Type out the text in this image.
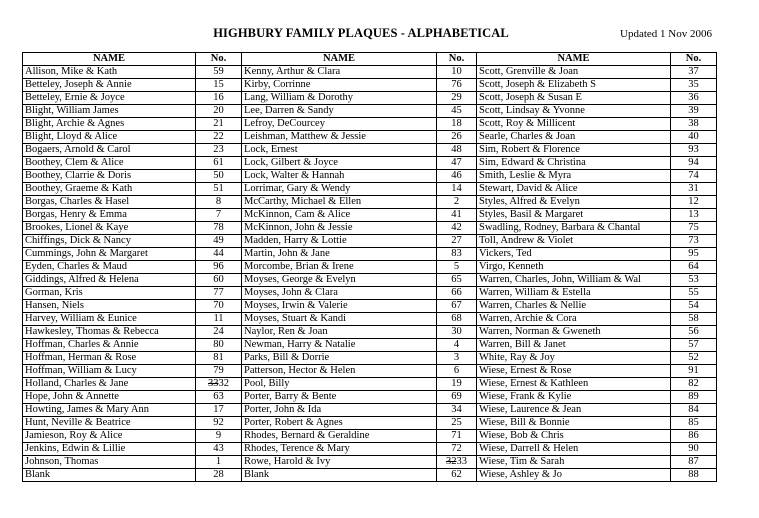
HIGHBURY FAMILY PLAQUES - ALPHABETICAL	Updated 1 Nov 2006
NAME	No.	NAME	No.	NAME	No.
Allison, Mike & Kath	59	Kenny, Arthur & Clara	10	Scott, Grenville & Joan	37
Betteley, Joseph & Annie	15	Kirby, Corrinne	76	Scott, Joseph & Elizabeth S	35
Betteley, Ernie & Joyce	16	Lang, William & Dorothy	29	Scott, Joseph & Susan E	36
Blight, William James	20	Lee, Darren & Sandy	45	Scott, Lindsay & Yvonne	39
Blight, Archie & Agnes	21	Lefroy, DeCourcey	18	Scott, Roy & Millicent	38
Blight, Lloyd & Alice	22	Leishman, Matthew & Jessie	26	Searle, Charles & Joan	40
Bogaers, Arnold & Carol	23	Lock, Ernest	48	Sim, Robert & Florence	93
Boothey, Clem & Alice	61	Lock, Gilbert & Joyce	47	Sim, Edward & Christina	94
Boothey, Clarrie & Doris	50	Lock, Walter & Hannah	46	Smith, Leslie & Myra	74
Boothey, Graeme & Kath	51	Lorrimar, Gary & Wendy	14	Stewart, David & Alice	31
Borgas, Charles & Hasel	8	McCarthy, Michael & Ellen	2	Styles, Alfred & Evelyn	12
Borgas, Henry & Emma	7	McKinnon, Cam & Alice	41	Styles, Basil & Margaret	13
Brookes, Lionel & Kaye	78	McKinnon, John & Jessie	42	Swadling, Rodney, Barbara & Chantal	75
Chiffings, Dick & Nancy	49	Madden, Harry & Lottie	27	Toll, Andrew & Violet	73
Cummings, John & Margaret	44	Martin, John & Jane	83	Vickers, Ted	95
Eyden, Charles & Maud	96	Morcombe, Brian & Irene	5	Virgo, Kenneth	64
Giddings, Alfred & Helena	60	Moyses, George & Evelyn	65	Warren, Charles, John, William & Wal	53
Gorman, Kris	77	Moyses, John & Clara	66	Warren, William & Estella	55
Hansen, Niels	70	Moyses, Irwin & Valerie	67	Warren, Charles & Nellie	54
Harvey, William & Eunice	11	Moyses, Stuart & Kandi	68	Warren, Archie & Cora	58
Hawkesley, Thomas & Rebecca	24	Naylor, Ren & Joan	30	Warren, Norman & Gweneth	56
Hoffman, Charles & Annie	80	Newman, Harry & Natalie	4	Warren, Bill & Janet	57
Hoffman, Herman & Rose	81	Parks, Bill & Dorrie	3	White, Ray & Joy	52
Hoffman, William & Lucy	79	Patterson, Hector & Helen	6	Wiese, Ernest & Rose	91
Holland, Charles & Jane	3332	Pool, Billy	19	Wiese, Ernest & Kathleen	82
Hope, John & Annette	63	Porter, Barry & Bente	69	Wiese, Frank & Kylie	89
Howting, James & Mary Ann	17	Porter, John & Ida	34	Wiese, Laurence & Jean	84
Hunt, Neville & Beatrice	92	Porter, Robert & Agnes	25	Wiese, Bill & Bonnie	85
Jamieson, Roy & Alice	9	Rhodes, Bernard & Geraldine	71	Wiese, Bob & Chris	86
Jenkins, Edwin & Lillie	43	Rhodes, Terence & Mary	72	Wiese, Darrell & Helen	90
Johnson, Thomas	1	Rowe, Harold & Ivy	3233	Wiese, Tim & Sarah	87
Blank	28	Blank	62	Wiese, Ashley & Jo	88
